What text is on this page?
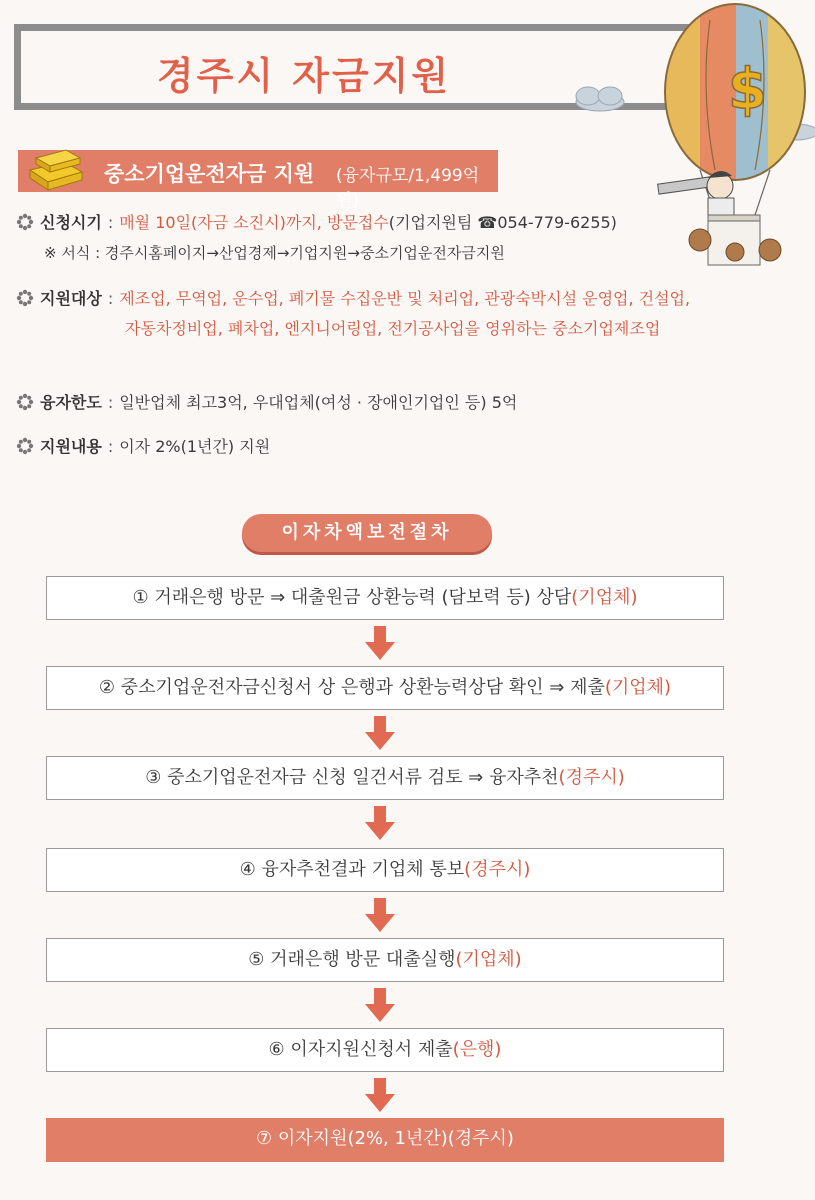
경주시 자금지원	$
중소기업운전자금 지원 (융자규모/1,499억원)
신청시기 : 매월 10일(자금 소진시)까지, 방문접수(기업지원팀 ☎054-779-6255)
※ 서식 : 경주시홈페이지→산업경제→기업지원→중소기업운전자금지원
지원대상 : 제조업, 무역업, 운수업, 폐기물 수집운반 및 처리업, 관광숙박시설 운영업, 건설업,
자동차정비업, 폐차업, 엔지니어링업, 전기공사업을 영위하는 중소기업제조업
융자한도 : 일반업체 최고3억, 우대업체(여성 · 장애인기업인 등) 5억
지원내용 : 이자 2%(1년간) 지원
이자차액보전절차
① 거래은행 방문 ⇒ 대출원금 상환능력 (담보력 등) 상담(기업체)
② 중소기업운전자금신청서 상 은행과 상환능력상담 확인 ⇒ 제출(기업체)
③ 중소기업운전자금 신청 일건서류 검토 ⇒ 융자추천(경주시)
④ 융자추천결과 기업체 통보(경주시)
⑤ 거래은행 방문 대출실행(기업체)
⑥ 이자지원신청서 제출(은행)
⑦ 이자지원(2%, 1년간)(경주시)
